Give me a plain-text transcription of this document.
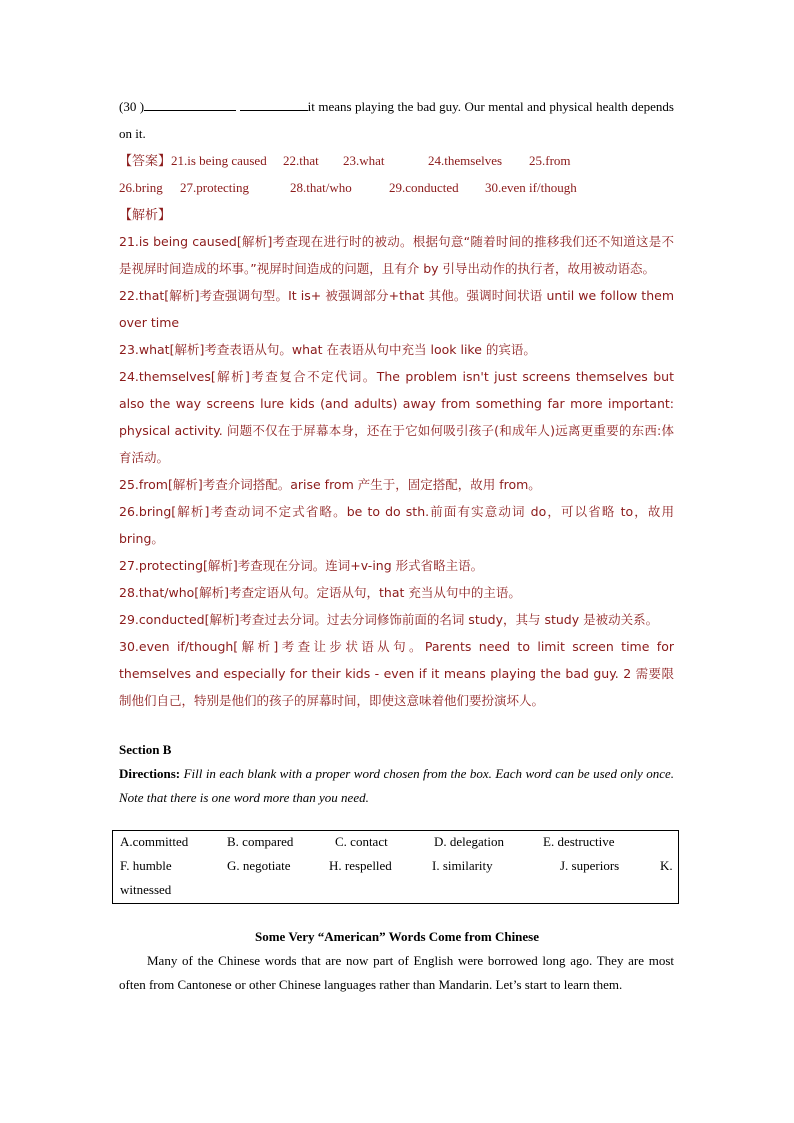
(30 )	it means playing the bad guy. Our mental and physical health depends on it.

【答案】21.is being caused 22.that 23.what	24.themselves 25.from

26.bring 27.protecting	28.that/who	29.conducted 30.even if/though

【解析】

21.is being caused[解析]考查现在进行时的被动。根据句意“随着时间的推移我们还不知道这是不是视屏时间造成的坏事。”视屏时间造成的问题，且有介 by 引导出动作的执行者，故用被动语态。

22.that[解析]考查强调句型。It is+ 被强调部分+that 其他。强调时间状语 until we follow them over time

23.what[解析]考查表语从句。what 在表语从句中充当 look like 的宾语。

24.themselves[解析]考查复合不定代词。The problem isn't just screens themselves but also the way screens lure kids (and adults) away from something far more important: physical activity. 问题不仅在于屏幕本身，还在于它如何吸引孩子(和成年人)远离更重要的东西:体育活动。

25.from[解析]考查介词搭配。arise from 产生于，固定搭配，故用 from。

26.bring[解析]考查动词不定式省略。be to do sth.前面有实意动词 do，可以省略 to，故用 bring。

27.protecting[解析]考查现在分词。连词+v-ing 形式省略主语。

28.that/who[解析]考查定语从句。定语从句，that 充当从句中的主语。

29.conducted[解析]考查过去分词。过去分词修饰前面的名词 study，其与 study 是被动关系。

30.even if/though[解析]考查让步状语从句。Parents need to limit screen time for themselves and especially for their kids - even if it means playing the bad guy. 2 需要限制他们自己，特别是他们的孩子的屏幕时间，即使这意味着他们要扮演坏人。

Section B

Directions: Fill in each blank with a proper word chosen from the box. Each word can be used only once. Note that there is one word more than you need.

A.committed	B. compared	C. contact	D. delegation	E. destructive
F. humble	G. negotiate	H. respelled	I. similarity	J. superiors	K.
witnessed
Some Very “American” Words Come from Chinese

Many of the Chinese words that are now part of English were borrowed long ago. They are most often from Cantonese or other Chinese languages rather than Mandarin. Let’s start to learn them.
